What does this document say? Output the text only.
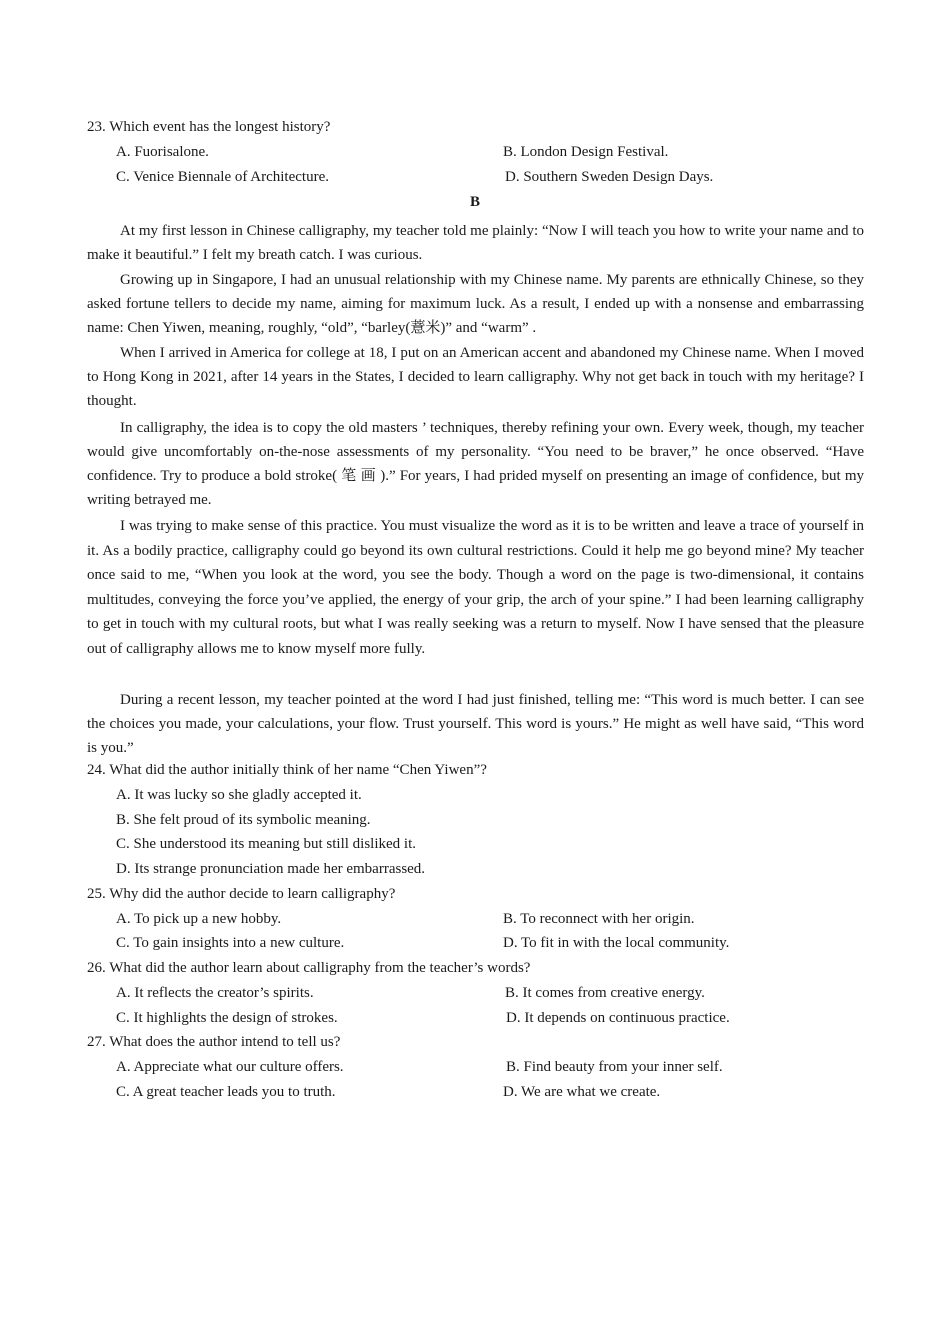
23. Which event has the longest history?
A. Fuorisalone.	B. London Design Festival.
C. Venice Biennale of Architecture.	D. Southern Sweden Design Days.
B
At my first lesson in Chinese calligraphy, my teacher told me plainly: “Now I will teach you how to write your name and to make it beautiful.” I felt my breath catch. I was curious.
Growing up in Singapore, I had an unusual relationship with my Chinese name. My parents are ethnically Chinese, so they asked fortune tellers to decide my name, aiming for maximum luck. As a result, I ended up with a nonsense and embarrassing name: Chen Yiwen, meaning, roughly, “old”, “barley(薏米)” and “warm” .
When I arrived in America for college at 18, I put on an American accent and abandoned my Chinese name. When I moved to Hong Kong in 2021, after 14 years in the States, I decided to learn calligraphy. Why not get back in touch with my heritage? I thought.
In calligraphy, the idea is to copy the old masters ’ techniques, thereby refining your own. Every week, though, my teacher would give uncomfortably on-the-nose assessments of my personality. “You need to be braver,” he once observed. “Have confidence. Try to produce a bold stroke( 笔 画 ).” For years, I had prided myself on presenting an image of confidence, but my writing betrayed me.
I was trying to make sense of this practice. You must visualize the word as it is to be written and leave a trace of yourself in it. As a bodily practice, calligraphy could go beyond its own cultural restrictions. Could it help me go beyond mine? My teacher once said to me, “When you look at the word, you see the body. Though a word on the page is two-dimensional, it contains multitudes, conveying the force you’ve applied, the energy of your grip, the arch of your spine.” I had been learning calligraphy to get in touch with my cultural roots, but what I was really seeking was a return to myself. Now I have sensed that the pleasure out of calligraphy allows me to know myself more fully.
During a recent lesson, my teacher pointed at the word I had just finished, telling me: “This word is much better. I can see the choices you made, your calculations, your flow. Trust yourself. This word is yours.” He might as well have said, “This word is you.”
24. What did the author initially think of her name “Chen Yiwen”?
A. It was lucky so she gladly accepted it.
B. She felt proud of its symbolic meaning.
C. She understood its meaning but still disliked it.
D. Its strange pronunciation made her embarrassed.
25. Why did the author decide to learn calligraphy?
A. To pick up a new hobby.	B. To reconnect with her origin.
C. To gain insights into a new culture.	D. To fit in with the local community.
26. What did the author learn about calligraphy from the teacher’s words?
A. It reflects the creator’s spirits.	B. It comes from creative energy.
C. It highlights the design of strokes.	D. It depends on continuous practice.
27. What does the author intend to tell us?
A. Appreciate what our culture offers.	B. Find beauty from your inner self.
C. A great teacher leads you to truth.	D. We are what we create.
